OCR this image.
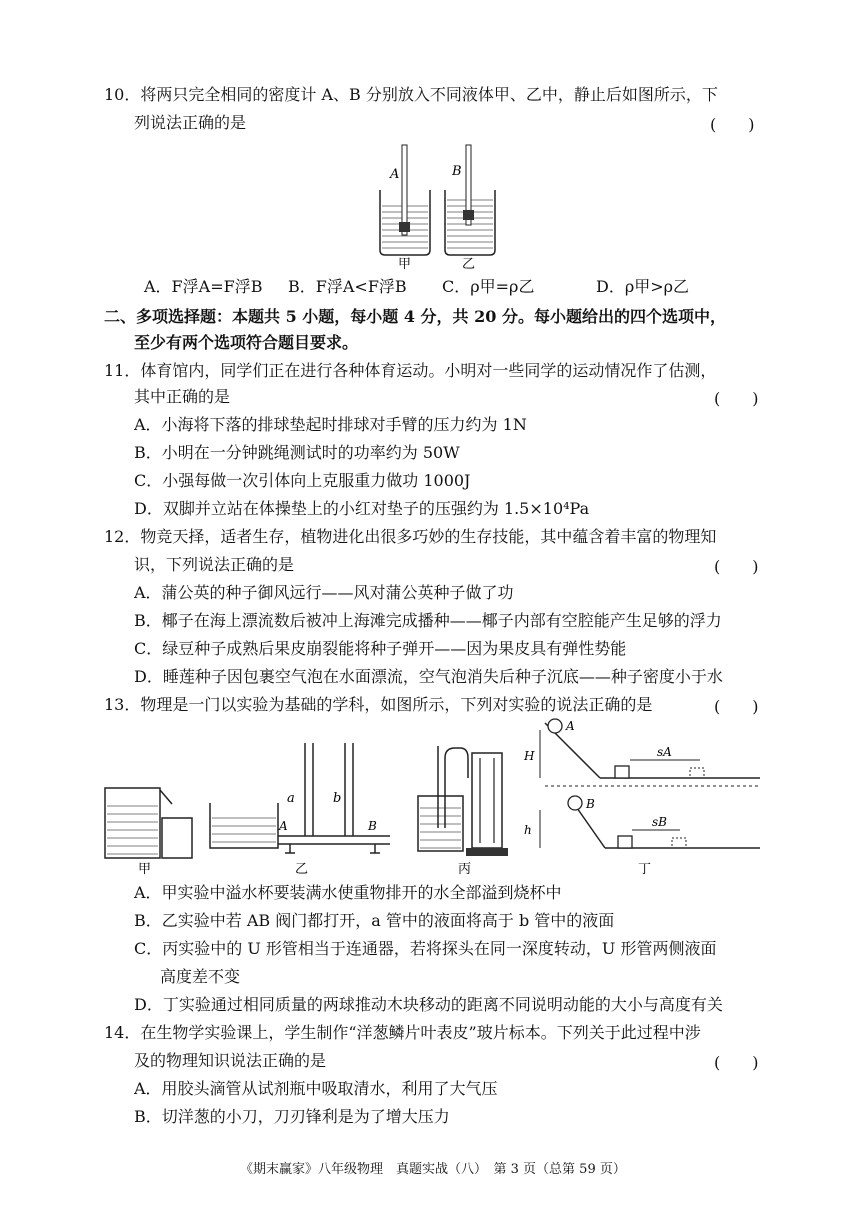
10．将两只完全相同的密度计 A、B 分别放入不同液体甲、乙中，静止后如图所示，下
列说法正确的是	(　　)
A	B
甲	乙
A．F浮A=F浮B B．F浮A<F浮B C．ρ甲=ρ乙	D．ρ甲>ρ乙
二、多项选择题：本题共 5 小题，每小题 4 分，共 20 分。每小题给出的四个选项中，
至少有两个选项符合题目要求。
11．体育馆内，同学们正在进行各种体育运动。小明对一些同学的运动情况作了估测，
其中正确的是	(　　)
A．小海将下落的排球垫起时排球对手臂的压力约为 1N
B．小明在一分钟跳绳测试时的功率约为 50W
C．小强每做一次引体向上克服重力做功 1000J
D．双脚并立站在体操垫上的小红对垫子的压强约为 1.5×10⁴Pa
12．物竞天择，适者生存，植物进化出很多巧妙的生存技能，其中蕴含着丰富的物理知
识，下列说法正确的是	(　　)
A．蒲公英的种子御风远行——风对蒲公英种子做了功
B．椰子在海上漂流数后被冲上海滩完成播种——椰子内部有空腔能产生足够的浮力
C．绿豆种子成熟后果皮崩裂能将种子弹开——因为果皮具有弹性势能
D．睡莲种子因包裹空气泡在水面漂流，空气泡消失后种子沉底——种子密度小于水
13．物理是一门以实验为基础的学科，如图所示，下列对实验的说法正确的是	(　　)
甲
a	b
A	B
乙	丙
A
H	sA
B
h
sB
丁
A．甲实验中溢水杯要装满水使重物排开的水全部溢到烧杯中
B．乙实验中若 AB 阀门都打开，a 管中的液面将高于 b 管中的液面
C．丙实验中的 U 形管相当于连通器，若将探头在同一深度转动，U 形管两侧液面
高度差不变
D．丁实验通过相同质量的两球推动木块移动的距离不同说明动能的大小与高度有关
14．在生物学实验课上，学生制作“洋葱鳞片叶表皮”玻片标本。下列关于此过程中涉
及的物理知识说法正确的是	(　　)
A．用胶头滴管从试剂瓶中吸取清水，利用了大气压
B．切洋葱的小刀，刀刃锋利是为了增大压力
《期末赢家》八年级物理　真题实战（八）　第 3 页（总第 59 页）
